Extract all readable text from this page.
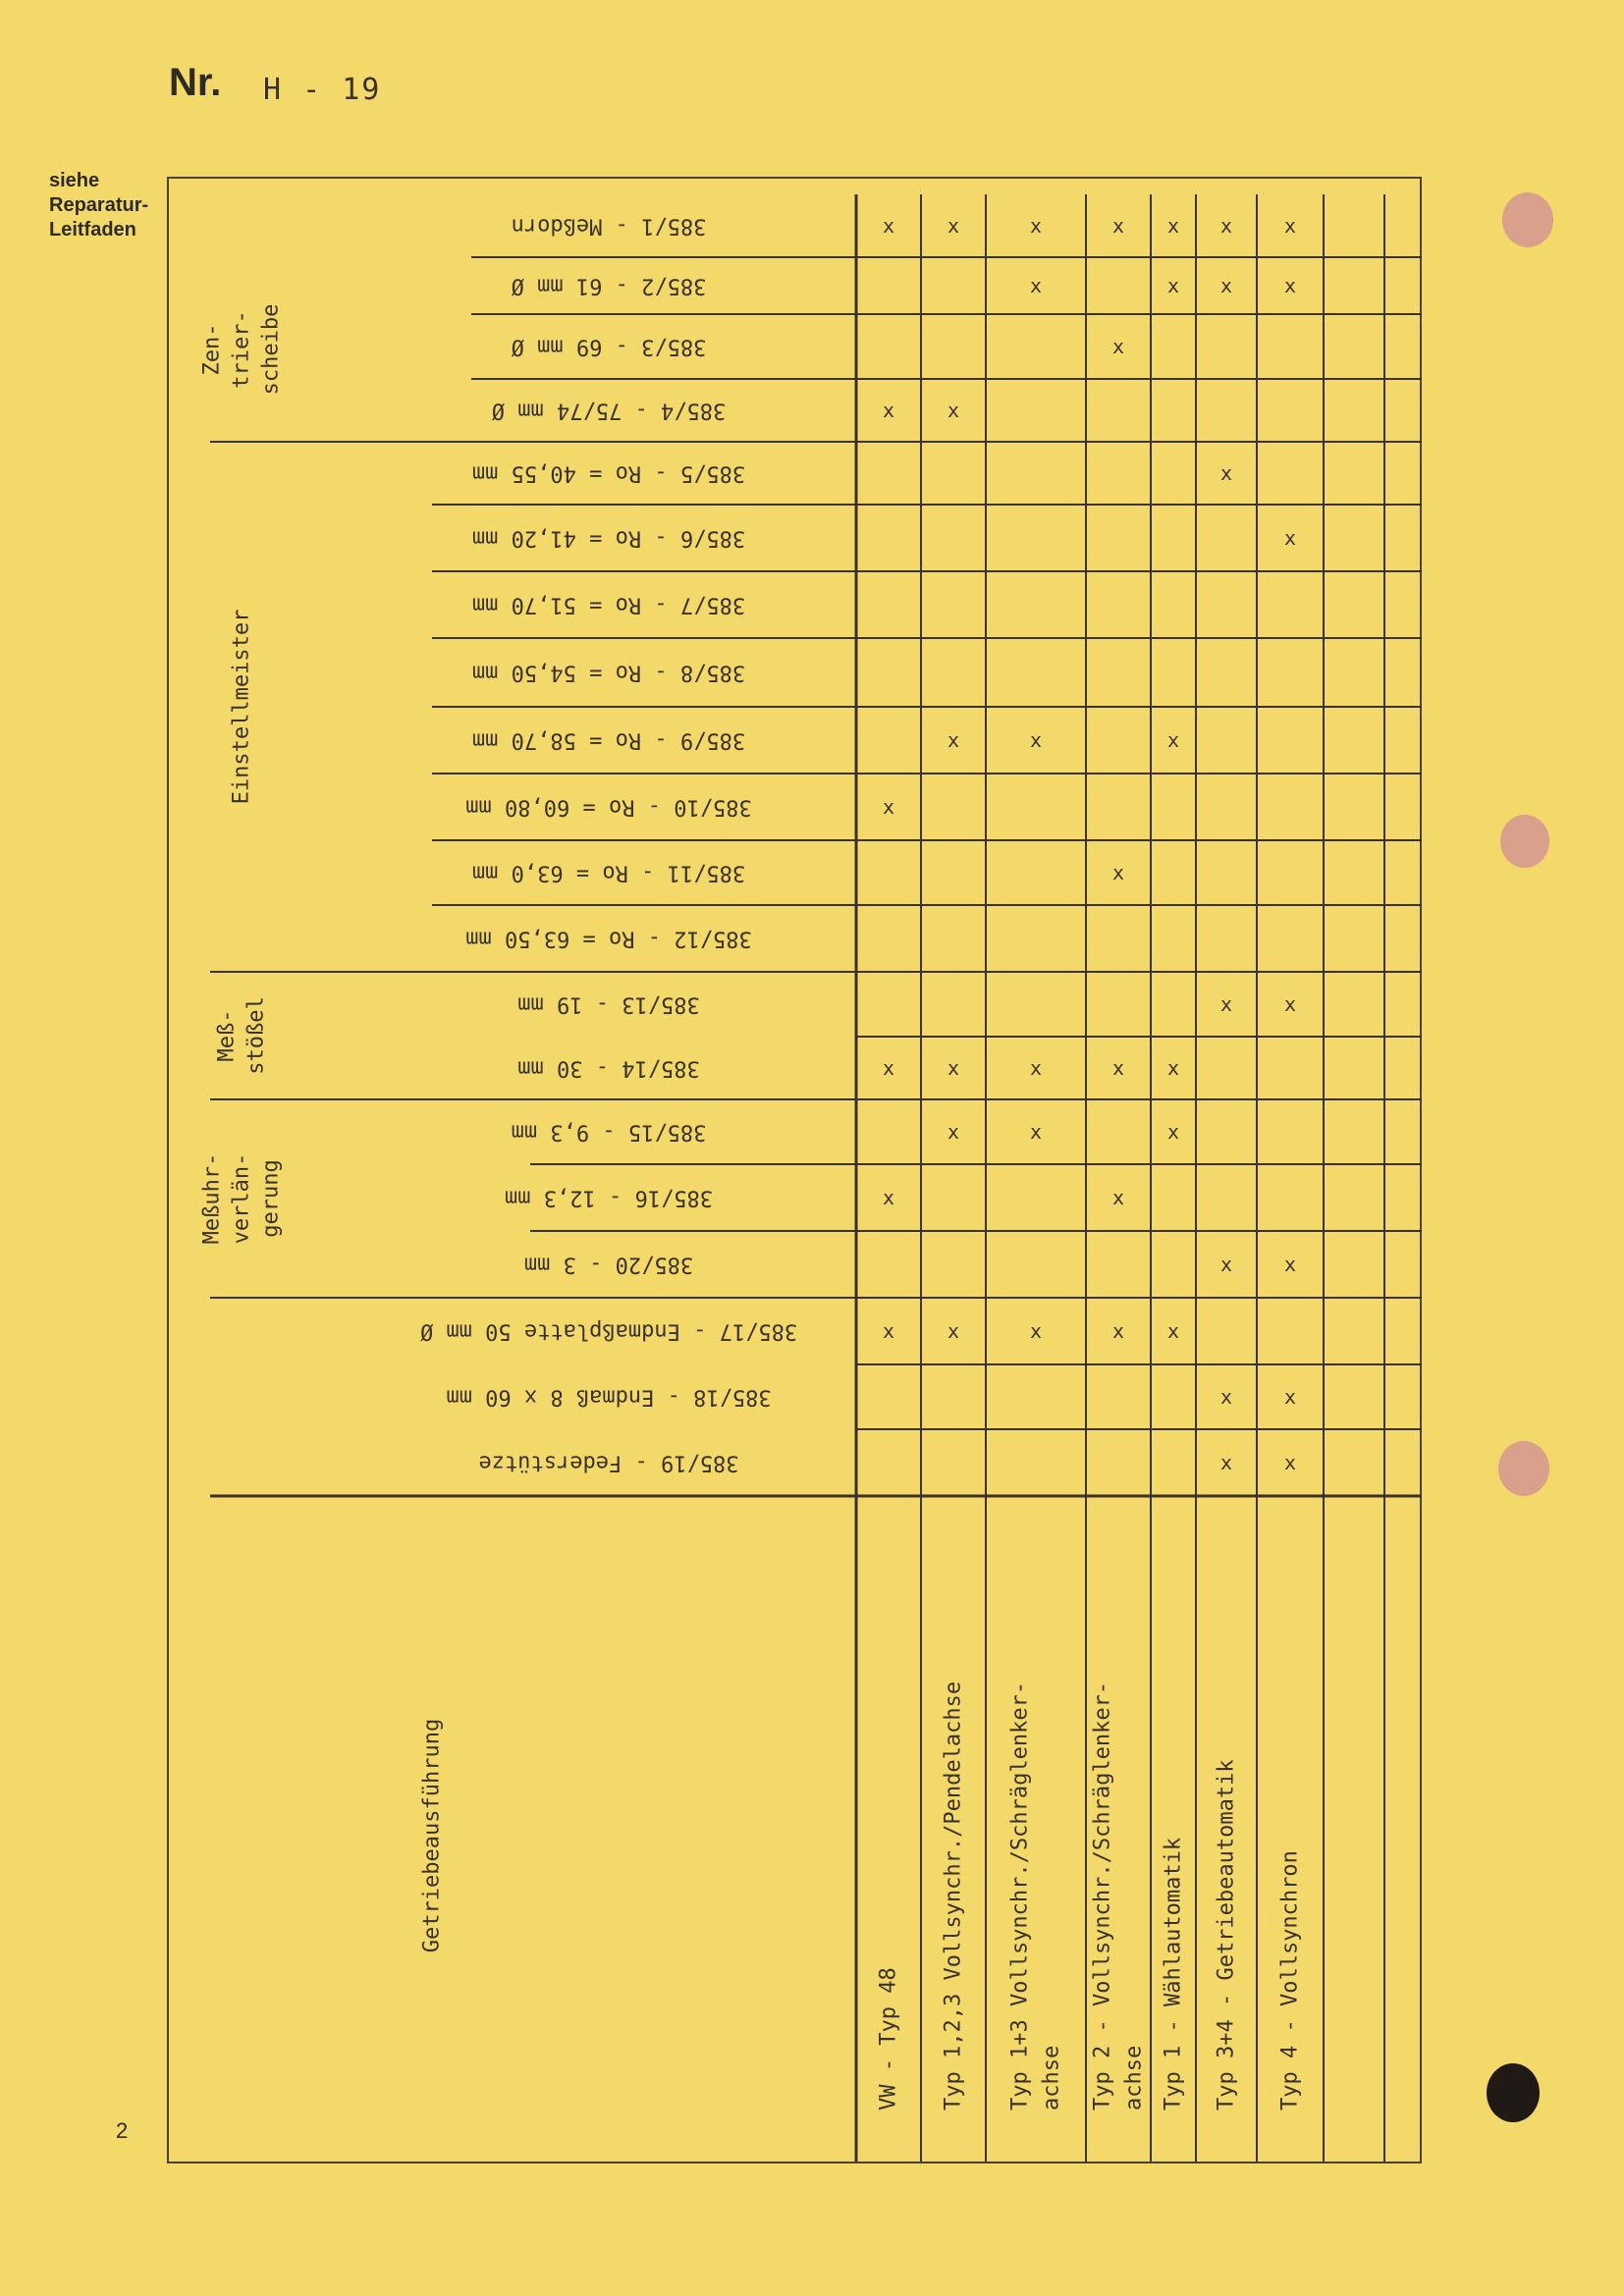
Nr. H - 19
siehe
Reparatur-
Leitfaden
2
385/1 - Meßdorn
385/2 - 61 mm Ø
385/3 - 69 mm Ø
385/4 - 75/74 mm Ø
385/5 - Ro = 40,55 mm
385/6 - Ro = 41,20 mm
385/7 - Ro = 51,70 mm
385/8 - Ro = 54,50 mm
385/9 - Ro = 58,70 mm
385/10 - Ro = 60,80 mm
385/11 - Ro = 63,0 mm
385/12 - Ro = 63,50 mm
385/13 - 19 mm
385/14 - 30 mm
385/15 - 9,3 mm
385/16 - 12,3 mm
385/20 - 3 mm
385/17 - Endmaßplatte 50 mm Ø
385/18 - Endmaß 8 x 60 mm
385/19 - Federstütze
Zen- trier- scheibe
Einstellmeister
Meß- stößel
Meßuhr- verlän- gerung
Getriebeausführung
VW - Typ 48 Typ 1,2,3 Vollsynchr./Pendelachse Typ 1+3 Vollsynchr./Schräglenker- achse Typ 2 - Vollsynchr./Schräglenker- achse Typ 1 - Wählautomatik Typ 3+4 - Getriebeautomatik Typ 4 - Vollsynchron
x
x
x
x
x
x
x
x
x
x
x
x
x
x
x
x
x
x
x
x
x
x
x
x
x
x
x
x
x
x
x
x
x
x
x
x
x
x
x
x
x
x
x
x
